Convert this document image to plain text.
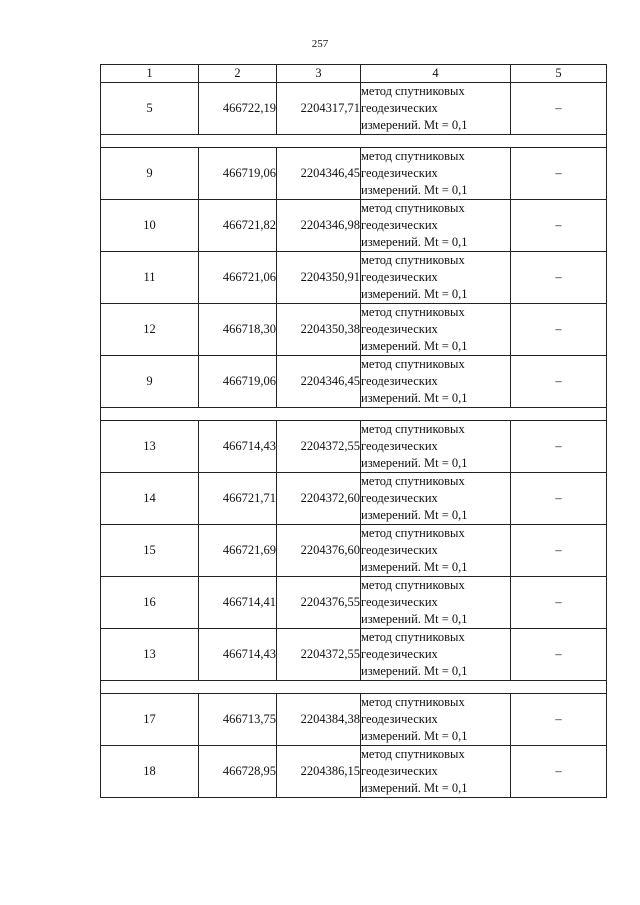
257
1	2	3	4	5
5	466722,19	2204317,71	метод спутниковых
геодезических
измерений. Mt = 0,1	–

9	466719,06	2204346,45	метод спутниковых
геодезических
измерений. Mt = 0,1	–
10	466721,82	2204346,98	метод спутниковых
геодезических
измерений. Mt = 0,1	–
11	466721,06	2204350,91	метод спутниковых
геодезических
измерений. Mt = 0,1	–
12	466718,30	2204350,38	метод спутниковых
геодезических
измерений. Mt = 0,1	–
9	466719,06	2204346,45	метод спутниковых
геодезических
измерений. Mt = 0,1	–

13	466714,43	2204372,55	метод спутниковых
геодезических
измерений. Mt = 0,1	–
14	466721,71	2204372,60	метод спутниковых
геодезических
измерений. Mt = 0,1	–
15	466721,69	2204376,60	метод спутниковых
геодезических
измерений. Mt = 0,1	–
16	466714,41	2204376,55	метод спутниковых
геодезических
измерений. Mt = 0,1	–
13	466714,43	2204372,55	метод спутниковых
геодезических
измерений. Mt = 0,1	–

17	466713,75	2204384,38	метод спутниковых
геодезических
измерений. Mt = 0,1	–
18	466728,95	2204386,15	метод спутниковых
геодезических
измерений. Mt = 0,1	–
